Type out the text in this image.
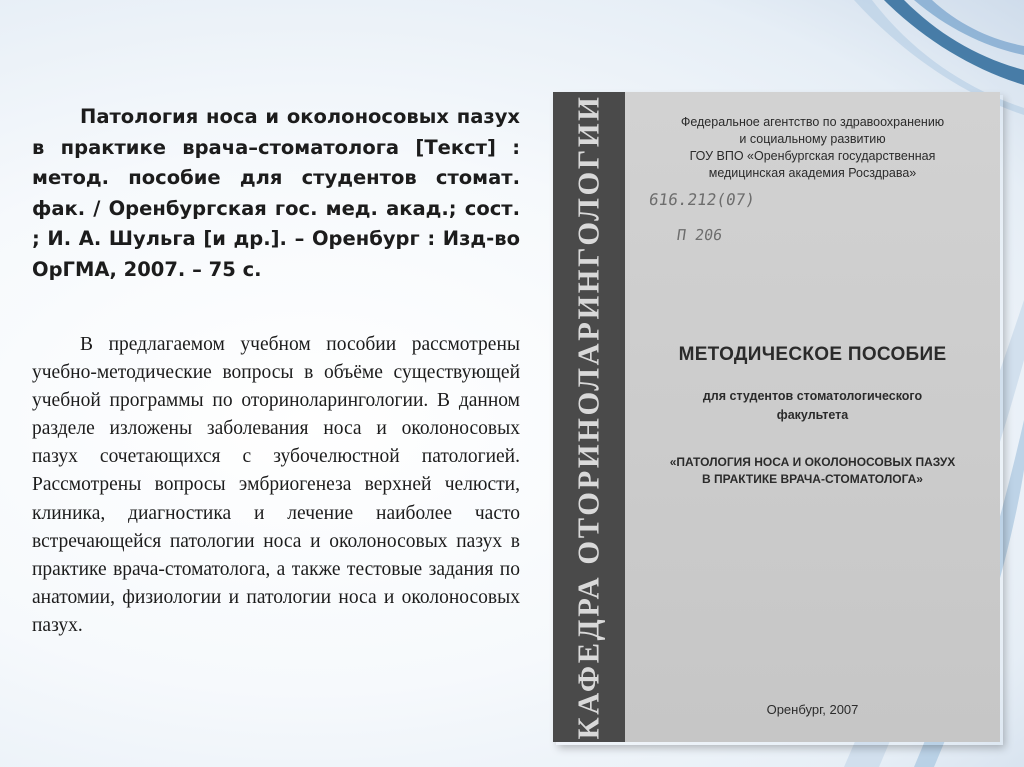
Патология носа и околоносовых пазух в практике врача–стоматолога [Текст] : метод. пособие для студентов стомат. фак. / Оренбургская гос. мед. акад.; сост. ; И. А. Шульга [и др.]. – Оренбург : Изд-во ОрГМА, 2007. – 75 с.

В предлагаемом учебном пособии рассмотрены учебно-методические вопросы в объёме существующей учебной программы по оториноларингологии. В данном разделе изложены заболевания носа и околоносовых пазух сочетающихся с зубочелюстной патологией. Рассмотрены вопросы эмбриогенеза верхней челюсти, клиника, диагностика и лечение наиболее часто встречающейся патологии носа и околоносовых пазух в практике врача-стоматолога, а также тестовые задания по анатомии, физиологии и патологии носа и околоносовых пазух.	КАФЕДРА ОТОРИНОЛАРИНГОЛОГИИ	Федеральное агентство по здравоохранению
и социальному развитию
ГОУ ВПО «Оренбургская государственная
медицинская академия Росздрава»
616.212(07)
П 206
МЕТОДИЧЕСКОЕ ПОСОБИЕ
для студентов стоматологического
факультета
«ПАТОЛОГИЯ НОСА И ОКОЛОНОСОВЫХ ПАЗУХ
В ПРАКТИКЕ ВРАЧА-СТОМАТОЛОГА»
Оренбург, 2007
